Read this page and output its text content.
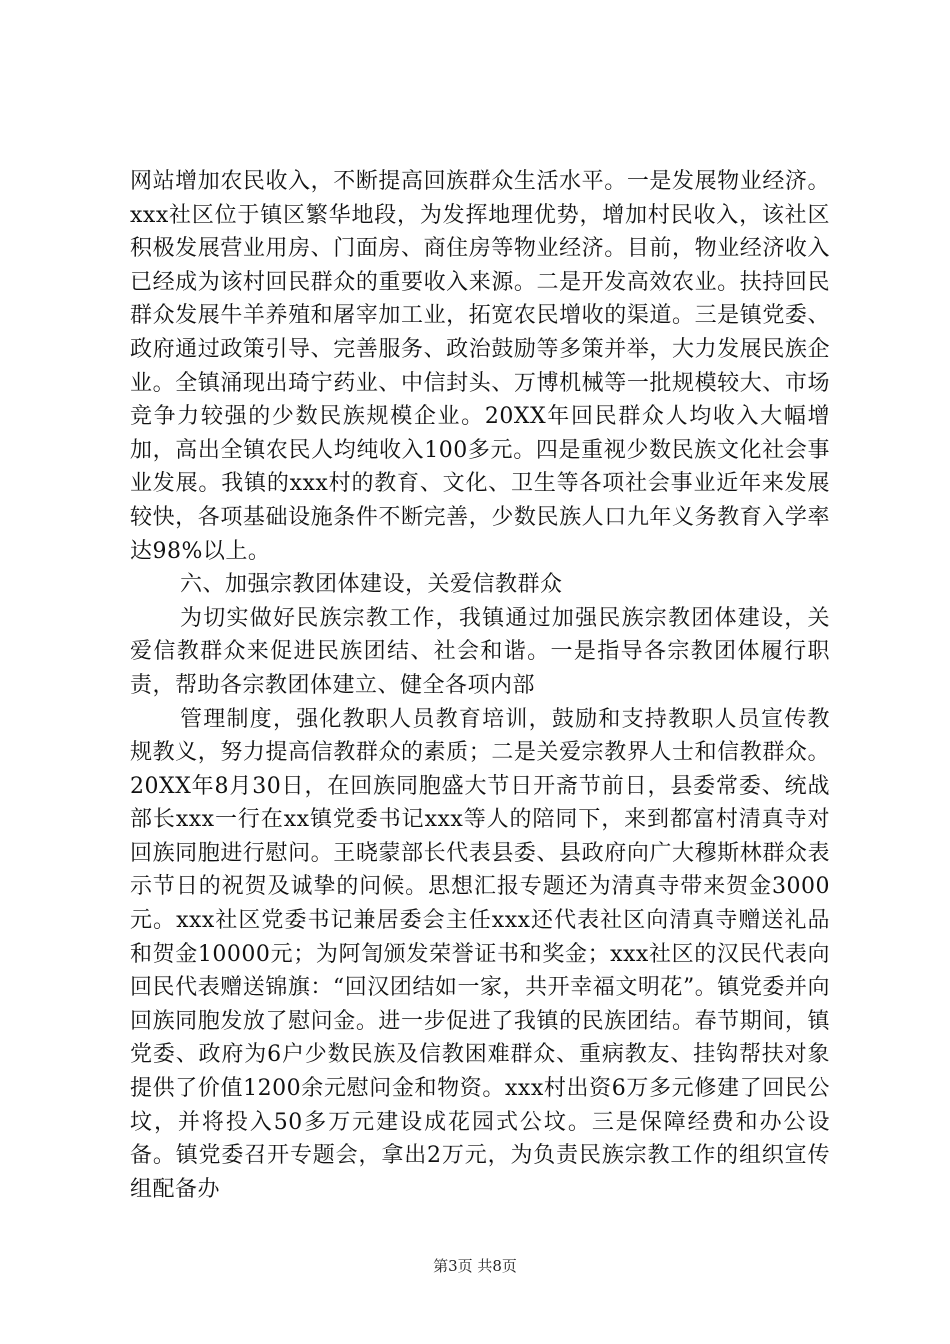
网站增加农民收入，不断提高回族群众生活水平。一是发展物业经济。xxx社区位于镇区繁华地段，为发挥地理优势，增加村民收入，该社区积极发展营业用房、门面房、商住房等物业经济。目前，物业经济收入已经成为该村回民群众的重要收入来源。二是开发高效农业。扶持回民群众发展牛羊养殖和屠宰加工业，拓宽农民增收的渠道。三是镇党委、政府通过政策引导、完善服务、政治鼓励等多策并举，大力发展民族企业。全镇涌现出琦宁药业、中信封头、万博机械等一批规模较大、市场竞争力较强的少数民族规模企业。20XX年回民群众人均收入大幅增加，高出全镇农民人均纯收入100多元。四是重视少数民族文化社会事业发展。我镇的xxx村的教育、文化、卫生等各项社会事业近年来发展较快，各项基础设施条件不断完善，少数民族人口九年义务教育入学率达98%以上。

六、加强宗教团体建设，关爱信教群众

为切实做好民族宗教工作，我镇通过加强民族宗教团体建设，关爱信教群众来促进民族团结、社会和谐。一是指导各宗教团体履行职责，帮助各宗教团体建立、健全各项内部

管理制度，强化教职人员教育培训，鼓励和支持教职人员宣传教规教义，努力提高信教群众的素质；二是关爱宗教界人士和信教群众。20XX年8月30日，在回族同胞盛大节日开斋节前日，县委常委、统战部长xxx一行在xx镇党委书记xxx等人的陪同下，来到都富村清真寺对回族同胞进行慰问。王晓蒙部长代表县委、县政府向广大穆斯林群众表示节日的祝贺及诚挚的问候。思想汇报专题还为清真寺带来贺金3000元。xxx社区党委书记兼居委会主任xxx还代表社区向清真寺赠送礼品和贺金10000元；为阿訇颁发荣誉证书和奖金；xxx社区的汉民代表向回民代表赠送锦旗：“回汉团结如一家，共开幸福文明花”。镇党委并向回族同胞发放了慰问金。进一步促进了我镇的民族团结。春节期间，镇党委、政府为6户少数民族及信教困难群众、重病教友、挂钩帮扶对象提供了价值1200余元慰问金和物资。xxx村出资6万多元修建了回民公坟，并将投入50多万元建设成花园式公坟。三是保障经费和办公设备。镇党委召开专题会，拿出2万元，为负责民族宗教工作的组织宣传组配备办

第3页 共8页
